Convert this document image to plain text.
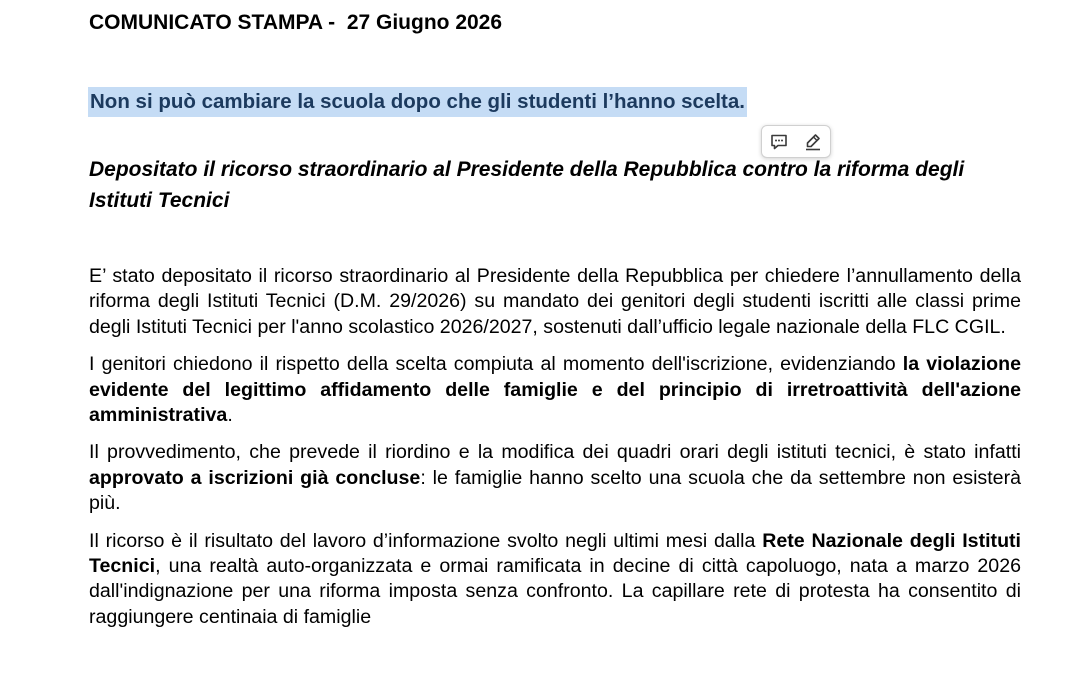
COMUNICATO STAMPA -  27 Giugno 2026
Non si può cambiare la scuola dopo che gli studenti l’hanno scelta.
Depositato il ricorso straordinario al Presidente della Repubblica contro la riforma degli Istituti Tecnici

E’ stato depositato il ricorso straordinario al Presidente della Repubblica per chiedere l’annullamento della riforma degli Istituti Tecnici (D.M. 29/2026) su mandato dei genitori degli studenti iscritti alle classi prime degli Istituti Tecnici per l'anno scolastico 2026/2027, sostenuti dall’ufficio legale nazionale della FLC CGIL.

I genitori chiedono il rispetto della scelta compiuta al momento dell'iscrizione, evidenziando la violazione evidente del legittimo affidamento delle famiglie e del principio di irretroattività dell'azione amministrativa.

Il provvedimento, che prevede il riordino e la modifica dei quadri orari degli istituti tecnici, è stato infatti approvato a iscrizioni già concluse: le famiglie hanno scelto una scuola che da settembre non esisterà più.

Il ricorso è il risultato del lavoro d’informazione svolto negli ultimi mesi dalla Rete Nazionale degli Istituti Tecnici, una realtà auto-organizzata e ormai ramificata in decine di città capoluogo, nata a marzo 2026 dall'indignazione per una riforma imposta senza confronto. La capillare rete di protesta ha consentito di raggiungere centinaia di famiglie
